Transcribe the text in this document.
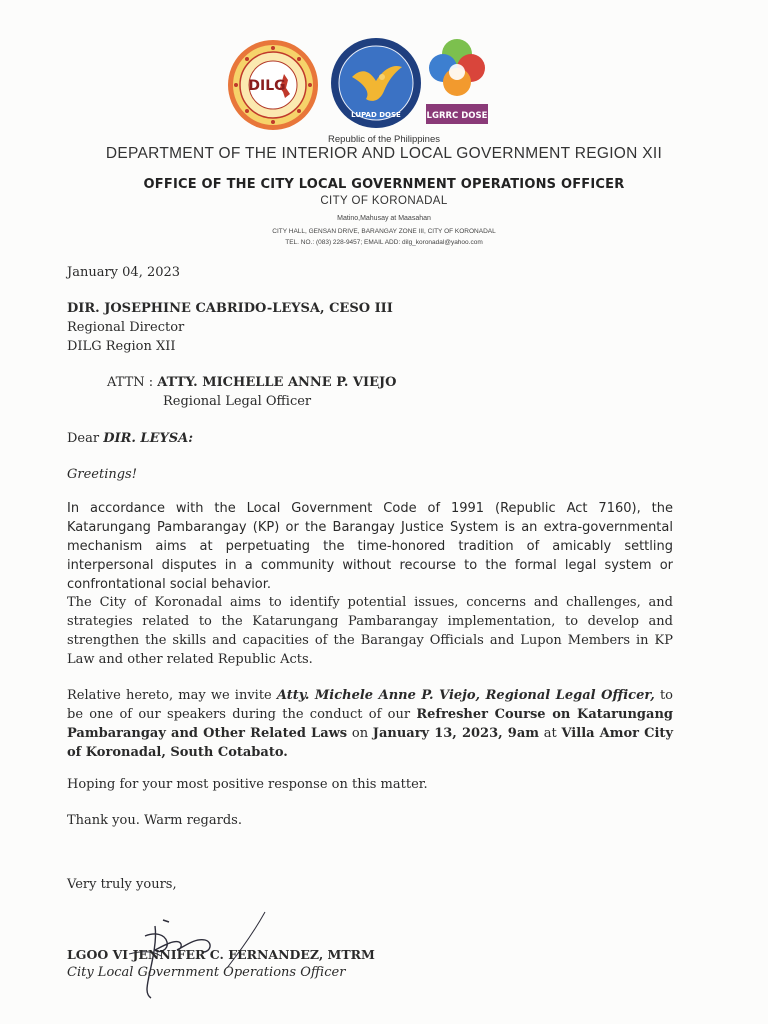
DILG
LUPAD DOSE	LGRRC DOSE
Republic of the Philippines
DEPARTMENT OF THE INTERIOR AND LOCAL GOVERNMENT REGION XII
OFFICE OF THE CITY LOCAL GOVERNMENT OPERATIONS OFFICER
CITY OF KORONADAL
Matino,Mahusay at Maasahan
CITY HALL, GENSAN DRIVE, BARANGAY ZONE III, CITY OF KORONADAL
TEL. NO.: (083) 228-9457; EMAIL ADD: dilg_koronadal@yahoo.com
January 04, 2023
DIR. JOSEPHINE CABRIDO-LEYSA, CESO III
Regional Director
DILG Region XII
ATTN : ATTY. MICHELLE ANNE P. VIEJO
Regional Legal Officer
Dear DIR. LEYSA:
Greetings!
In accordance with the Local Government Code of 1991 (Republic Act 7160), the Katarungang Pambarangay (KP) or the Barangay Justice System is an extra-governmental mechanism aims at perpetuating the time-honored tradition of amicably settling interpersonal disputes in a community without recourse to the formal legal system or confrontational social behavior.
The City of Koronadal aims to identify potential issues, concerns and challenges, and strategies related to the Katarungang Pambarangay implementation, to develop and strengthen the skills and capacities of the Barangay Officials and Lupon Members in KP Law and other related Republic Acts.
Relative hereto, may we invite Atty. Michele Anne P. Viejo, Regional Legal Officer, to be one of our speakers during the conduct of our Refresher Course on Katarungang Pambarangay and Other Related Laws on January 13, 2023, 9am at Villa Amor City of Koronadal, South Cotabato.
Hoping for your most positive response on this matter.
Thank you. Warm regards.
Very truly yours,
LGOO VI JENNIFER C. FERNANDEZ, MTRM
City Local Government Operations Officer
